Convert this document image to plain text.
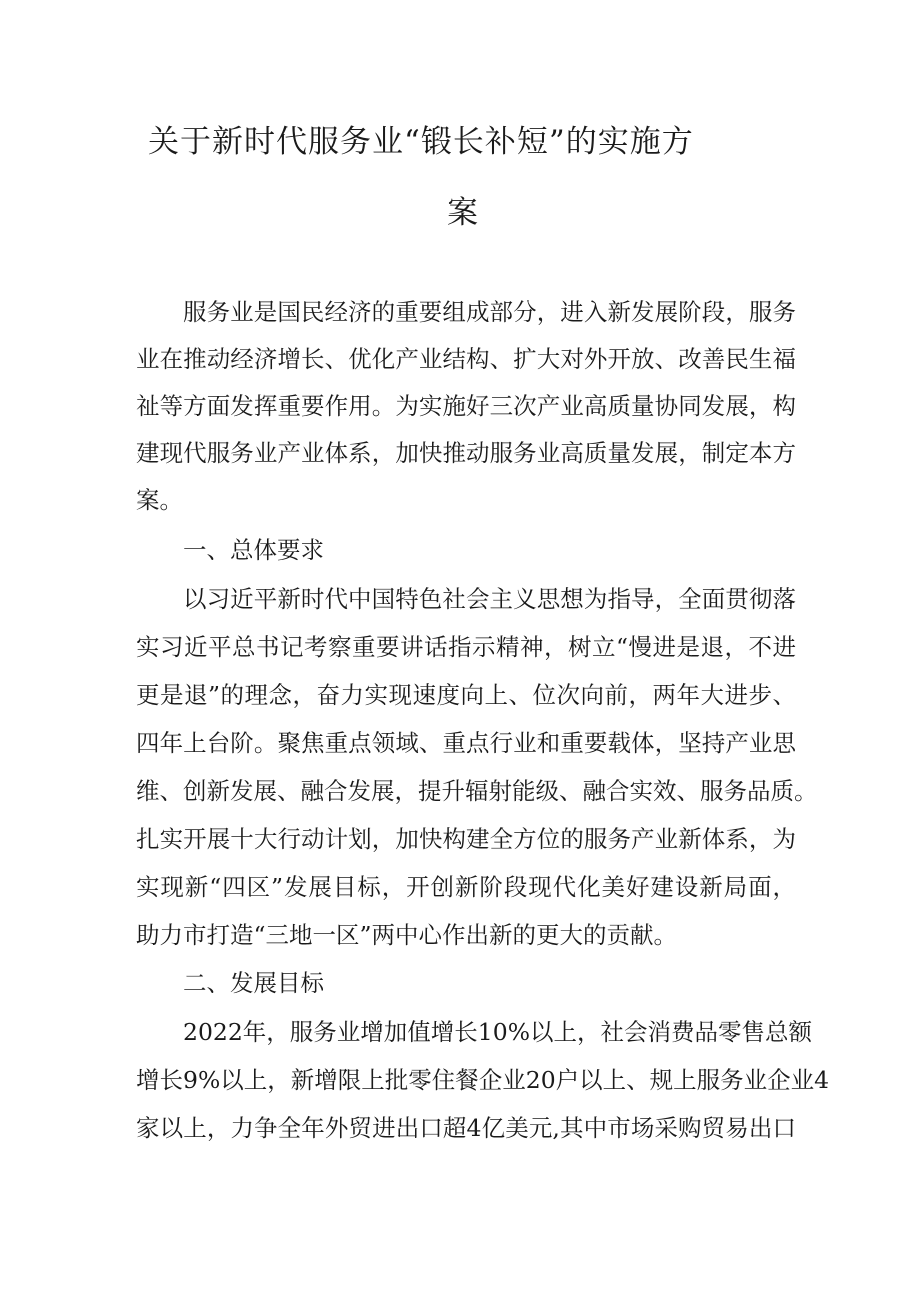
关于新时代服务业“锻长补短”的实施方
案
服务业是国民经济的重要组成部分，进入新发展阶段，服务
业在推动经济增长、优化产业结构、扩大对外开放、改善民生福
祉等方面发挥重要作用。为实施好三次产业高质量协同发展，构
建现代服务业产业体系，加快推动服务业高质量发展，制定本方
案。
一、总体要求
以习近平新时代中国特色社会主义思想为指导，全面贯彻落
实习近平总书记考察重要讲话指示精神，树立“慢进是退，不进
更是退”的理念，奋力实现速度向上、位次向前，两年大进步、
四年上台阶。聚焦重点领域、重点行业和重要载体，坚持产业思
维、创新发展、融合发展，提升辐射能级、融合实效、服务品质。
扎实开展十大行动计划，加快构建全方位的服务产业新体系，为
实现新“四区”发展目标，开创新阶段现代化美好建设新局面，
助力市打造“三地一区”两中心作出新的更大的贡献。
二、发展目标
2022年，服务业增加值增长10%以上，社会消费品零售总额
增长9%以上，新增限上批零住餐企业20户以上、规上服务业企业4
家以上，力争全年外贸进出口超4亿美元,其中市场采购贸易出口
